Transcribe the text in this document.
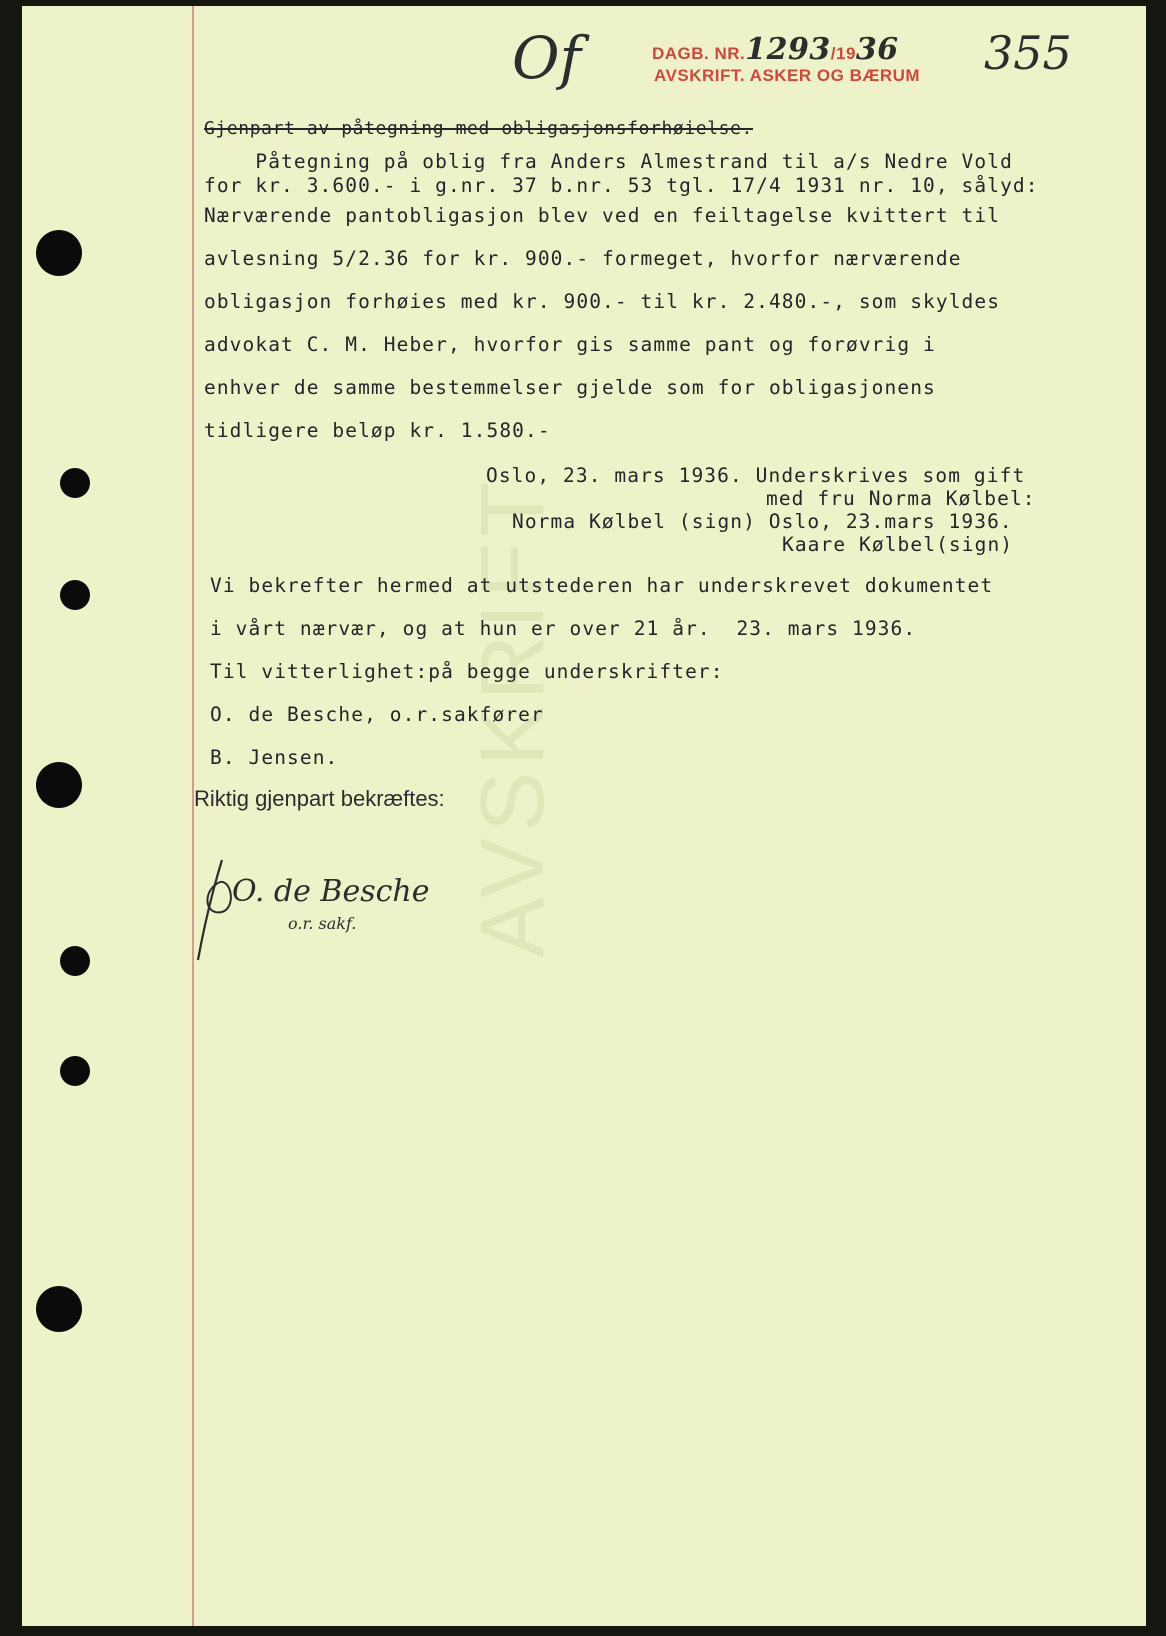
AVSKRIFT
Of	DAGB. NR.1293/1936
AVSKRIFT. ASKER OG BÆRUM 355
Gjenpart av påtegning med obligasjonsforhøielse.
Påtegning på oblig fra Anders Almestrand til a/s Nedre Vold
for kr. 3.600.- i g.nr. 37 b.nr. 53 tgl. 17/4 1931 nr. 10, sålyd:
Nærværende pantobligasjon blev ved en feiltagelse kvittert til
avlesning 5/2.36 for kr. 900.- formeget, hvorfor nærværende
obligasjon forhøies med kr. 900.- til kr. 2.480.-, som skyldes
advokat C. M. Heber, hvorfor gis samme pant og forøvrig i
enhver de samme bestemmelser gjelde som for obligasjonens
tidligere beløp kr. 1.580.-
Oslo, 23. mars 1936. Underskrives som gift
med fru Norma Kølbel:
Norma Kølbel (sign) Oslo, 23.mars 1936.
Kaare Kølbel(sign)
Vi bekrefter hermed at utstederen har underskrevet dokumentet
i vårt nærvær, og at hun er over 21 år.  23. mars 1936.
Til vitterlighet:på begge underskrifter:
O. de Besche, o.r.sakfører
B. Jensen.
Riktig gjenpart bekræftes:
O. de Besche
o.r. sakf.
